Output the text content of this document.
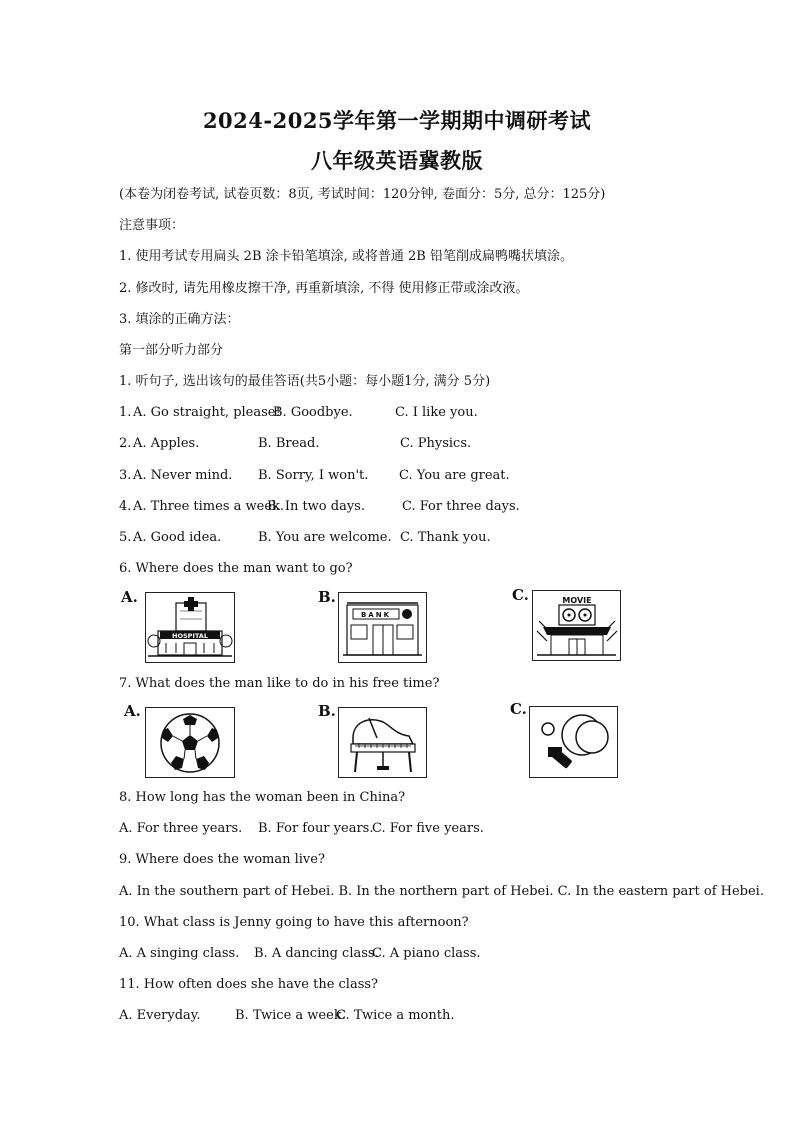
2024-2025学年第一学期期中调研考试
八年级英语冀教版
(本卷为闭卷考试, 试卷页数：8页, 考试时间：120分钟, 卷面分：5分, 总分：125分)
注意事项：
1. 使用考试专用扁头 2B 涂卡铅笔填涂, 或将普通 2B 铅笔削成扁鸭嘴状填涂。
2. 修改时, 请先用橡皮擦干净, 再重新填涂, 不得 使用修正带或涂改液。
3. 填涂的正确方法：
第一部分听力部分
1. 听句子, 选出该句的最佳答语(共5小题：每小题1分, 满分 5分)
1. A. Go straight, please!
B. Goodbye.	C. I like you.
2. A. Apples.	B. Bread.	C. Physics.
3. A. Never mind. B. Sorry, I won't. C. You are great.
4. A. Three times a week.
B. In two days.	C. For three days.
5. A. Good idea.	B. You are welcome. C. Thank you.
6. Where does the man want to go?
A.
HOSPITAL
B.
BANK
C.	MOVIE
7. What does the man like to do in his free time?
A.	B.	C.
8. How long has the woman been in China?
A. For three years. B. For four years.
C. For five years.
9. Where does the woman live?
A. In the southern part of Hebei. B. In the northern part of Hebei. C. In the eastern part of Hebei.
10. What class is Jenny going to have this afternoon?
A. A singing class. B. A dancing class.
C. A piano class.
11. How often does she have the class?
A. Everyday.	B. Twice a week.
C. Twice a month.
